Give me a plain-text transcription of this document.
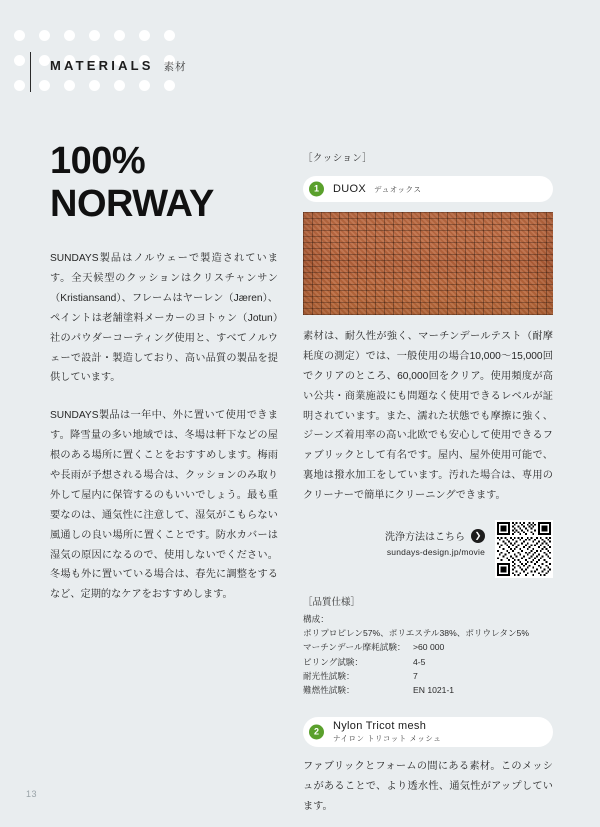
MATERIALS 素材
100%
NORWAY

SUNDAYS製品はノルウェーで製造されています。全天候型のクッションはクリスチャンサン（Kristiansand）、フレームはヤーレン（Jæren）、ペイントは老舗塗料メーカーのヨトゥン（Jotun）社のパウダーコーティング使用と、すべてノルウェーで設計・製造しており、高い品質の製品を提供しています。

SUNDAYS製品は一年中、外に置いて使用できます。降雪量の多い地域では、冬場は軒下などの屋根のある場所に置くことをおすすめします。梅雨や長雨が予想される場合は、クッションのみ取り外して屋内に保管するのもいいでしょう。最も重要なのは、通気性に注意して、湿気がこもらない風通しの良い場所に置くことです。防水カバーは湿気の原因になるので、使用しないでください。冬場も外に置いている場合は、春先に調整をするなど、定期的なケアをおすすめします。

［クッション］
1	DUOX デュオックス

素材は、耐久性が強く、マーチンデールテスト（耐摩耗度の測定）では、一般使用の場合10,000〜15,000回でクリアのところ、60,000回をクリア。使用頻度が高い公共・商業施設にも問題なく使用できるレベルが証明されています。また、濡れた状態でも摩擦に強く、ジーンズ着用率の高い北欧でも安心して使用できるファブリックとして有名です。屋内、屋外使用可能で、裏地は撥水加工をしています。汚れた場合は、専用のクリーナーで簡単にクリーニングできます。

洗浄方法はこちら	❯
sundays-design.jp/movie
［品質仕様］
構成：	
ポリプロピレン57%、ポリエステル38%、ポリウレタン5%	
マーチンデール摩耗試験：	>60 000
ピリング試験：	4-5
耐光性試験：	7
難燃性試験：	EN 1021-1
2	Nylon Tricot mesh
ナイロン トリコット メッシュ

ファブリックとフォームの間にある素材。このメッシュがあることで、より透水性、通気性がアップしています。

13
